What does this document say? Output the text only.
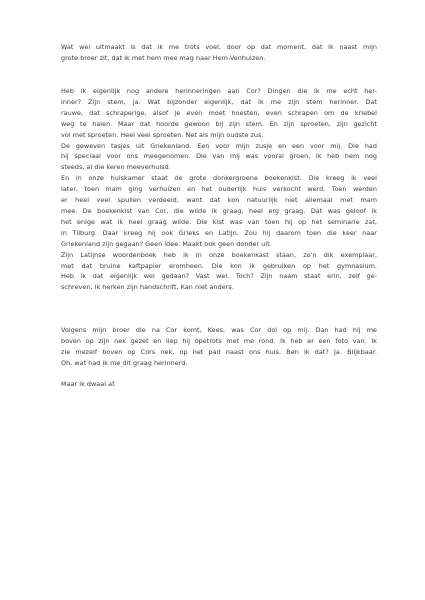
Wat wel uitmaakt is dat ik me trots voel, door op dat moment, dat ik naast mijn
grote broer zit, dat ik met hem mee mag naar Hem-Venhuizen.
Heb ik eigenlijk nog andere herinneringen aan Cor? Dingen die ik me echt her-
inner? Zijn stem, ja. Wat bijzonder eigenlijk, dat ik me zijn stem herinner. Dat
rauwe, dat schraperige, alsof je even moet hoesten, even schrapen om de kriebel
weg te halen. Maar dat hoorde gewoon bij zijn stem. En zijn sproeten, zijn gezicht
vol met sproeten. Heel veel sproeten. Net als mijn oudste zus.
De geweven tasjes uit Griekenland. Een voor mijn zusje en een voor mij. Die had
hij speciaal voor ons meegenomen. Die van mij was vooral groen, ik heb hem nog
steeds, al die keren meeverhuisd.
En in onze huiskamer staat de grote donkergroene boekenkist. Die kreeg ik veel
later, toen mam ging verhuizen en het ouderlijk huis verkocht werd. Toen werden
er heel veel spullen verdeeld, want dat kon natuurlijk niet allemaal met mam
mee. De boekenkist van Cor, die wilde ik graag, heel erg graag. Dat was geloof ik
het enige wat ik heel graag wilde. Die kist was van toen hij op het seminarie zat,
in Tilburg. Daar kreeg hij ook Grieks en Latijn. Zou hij daarom toen die keer naar
Griekenland zijn gegaan? Geen idee. Maakt ook geen donder uit.
Zijn Latijnse woordenboek heb ik in onze boekenkast staan, zo'n dik exemplaar,
met dat bruine kaftpapier eromheen. Die kon ik gebruiken op het gymnasium.
Heb ik dat eigenlijk wel gedaan? Vast wel. Toch? Zijn naam staat erin, zelf ge-
schreven, ik herken zijn handschrift. Kan niet anders.
Volgens mijn broer die na Cor komt, Kees, was Cor dol op mij. Dan had hij me
boven op zijn nek gezet en liep hij opetrots met me rond. Ik heb er een foto van. Ik
zie mezelf boven op Cors nek, op het pad naast ons huis. Ben ik dat? Ja. Blijkbaar.
Oh, wat had ik me dit graag herinnerd.
Maar ik dwaal af.
